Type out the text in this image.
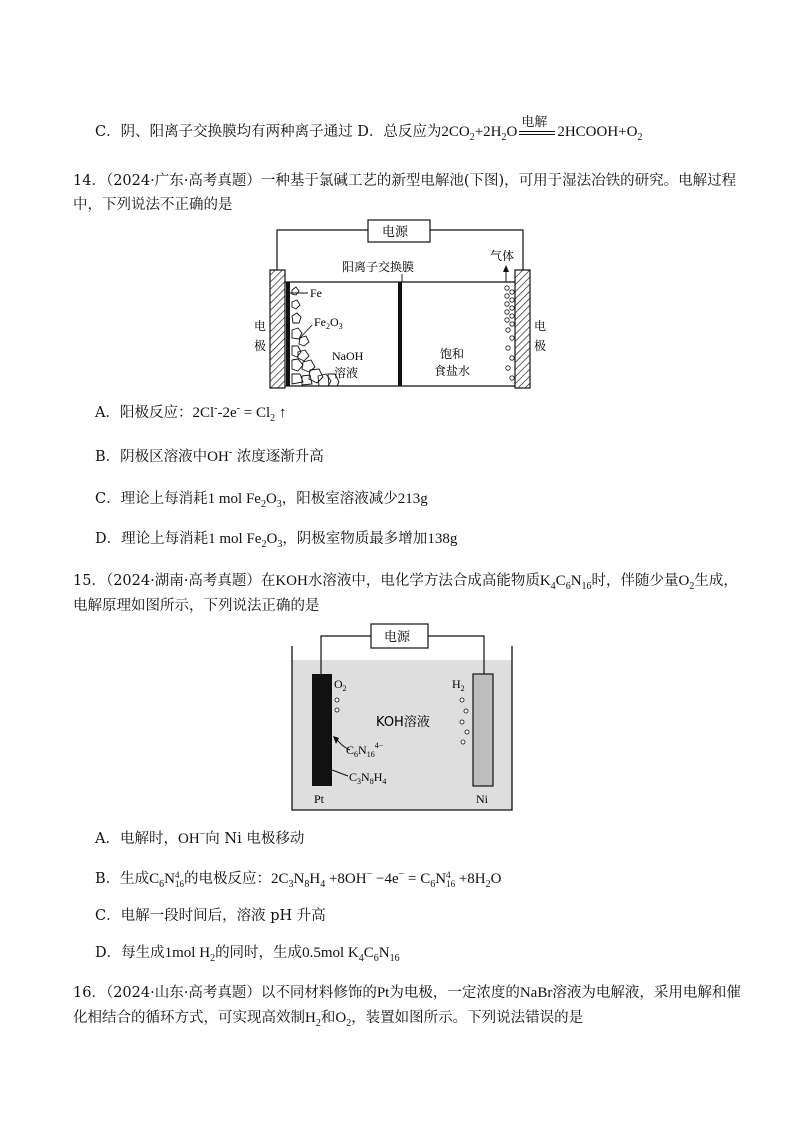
C．阴、阳离子交换膜均有两种离子通过 D．总反应为$2CO_2+2H_2O$
电解
$2HCOOH+O_2$
14．（2024·广东·高考真题）一种基于氯碱工艺的新型电解池(下图)，可用于湿法冶铁的研究。电解过程
中，下列说法不正确的是
电源
Fe
$Fe_2O_3$
NaOH
溶液
阳离子交换膜
饱和
食盐水
气体
电
极
电
极
A．阳极反应：$2Cl^--2e^- = Cl_2$ ↑
B．阴极区溶液中OH- 浓度逐渐升高
C．理论上每消耗1 mol $Fe_2O_3$，阳极室溶液减少213g
D．理论上每消耗1 mol $Fe_2O_3$，阴极室物质最多增加138g
15．（2024·湖南·高考真题）在KOH水溶液中，电化学方法合成高能物质$K_4C_6N_{16}$时，伴随少量$O_2$生成，
电解原理如图所示，下列说法正确的是
电源
$O_2$	$H_2$
KOH溶液
$C_6N_{16}^{4-}$
$C_3N_8H_4$
Pt	Ni
A．电解时，OH−向 Ni 电极移动
B．生成$C_6N$ 4
16 的电极反应：$2C_3N_8H_4 +8OH^- -4e^- = C_6N$ 4
$16 +8H_2O$
C．电解一段时间后，溶液 pH 升高
D．每生成1mol $H_2$的同时，生成0.5mol $K_4C_6N_{16}$
16．（2024·山东·高考真题）以不同材料修饰的Pt为电极，一定浓度的NaBr溶液为电解液，采用电解和催
化相结合的循环方式，可实现高效制$H_2$和$O_2$，装置如图所示。下列说法错误的是
